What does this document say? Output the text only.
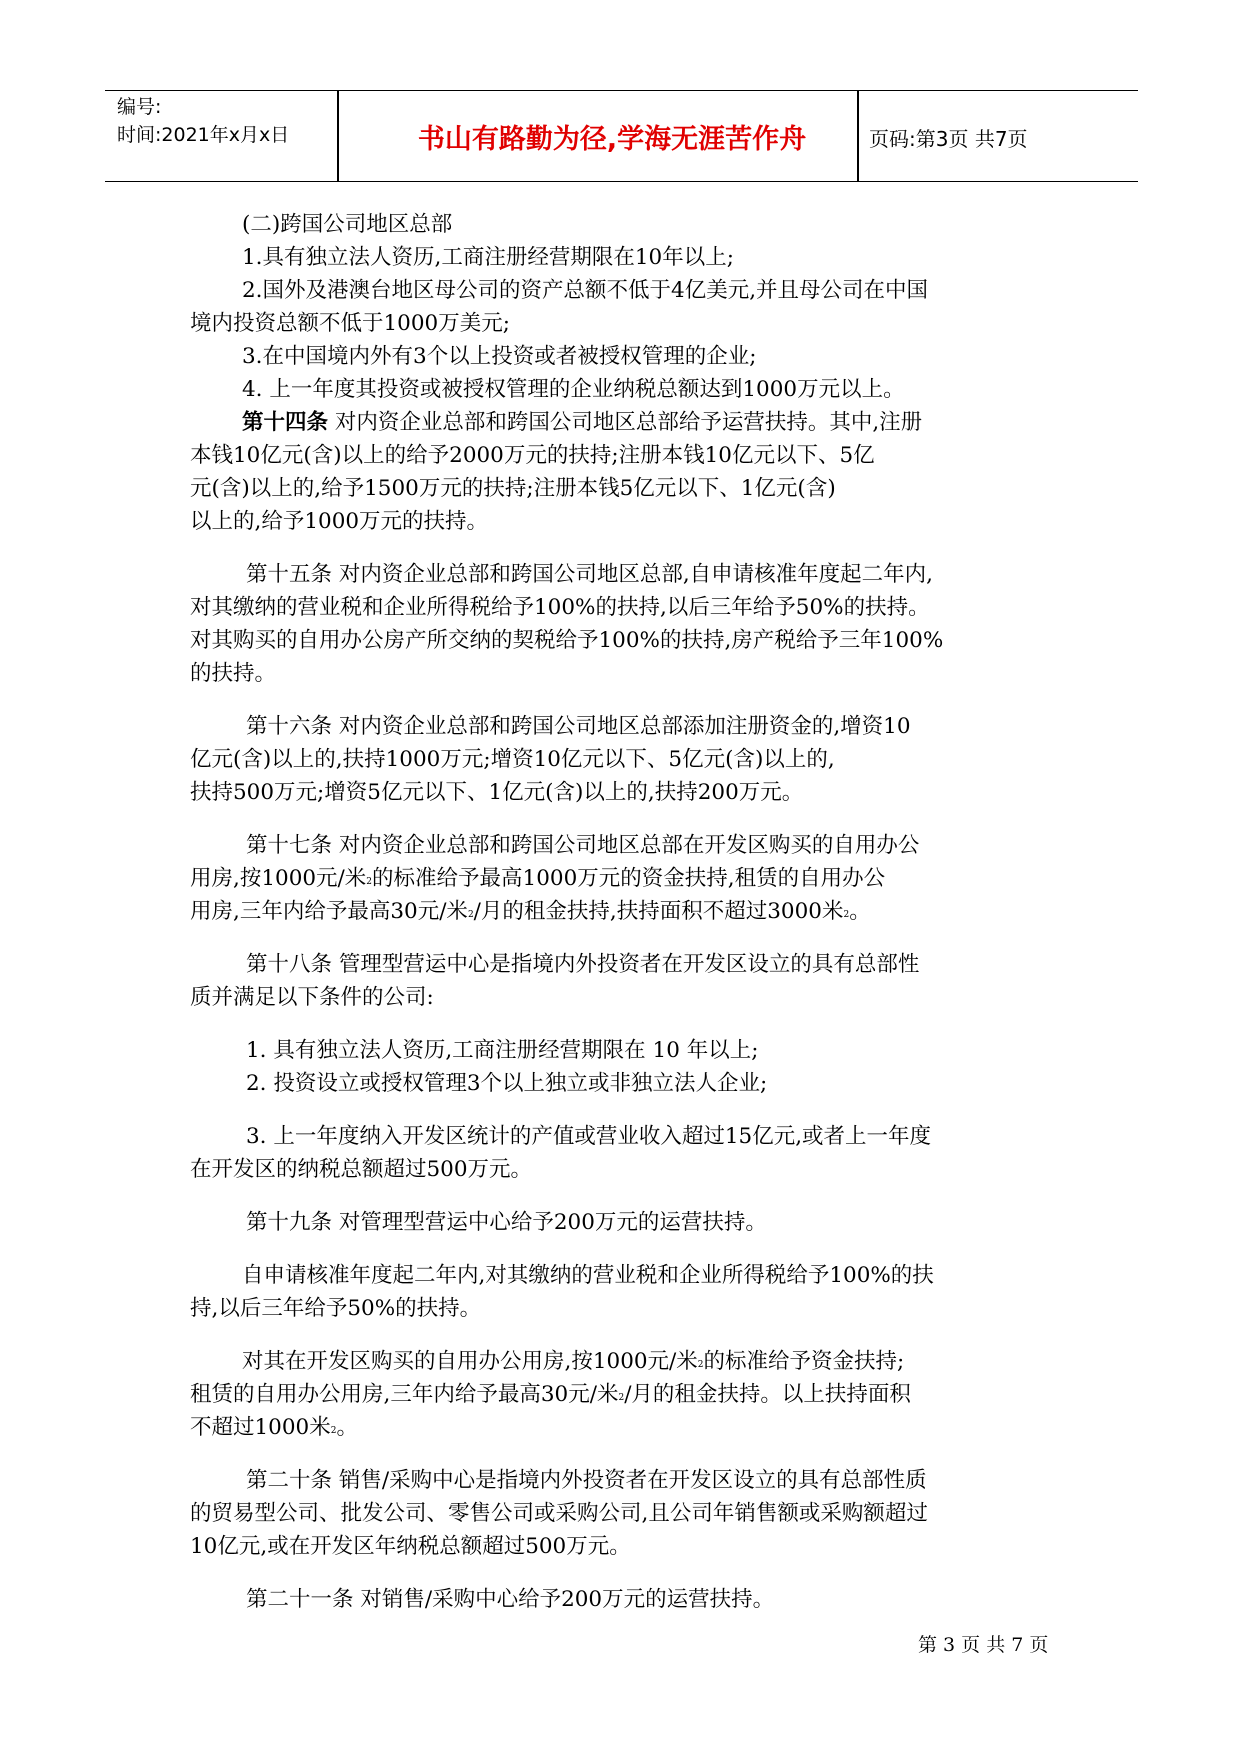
编号:
时间:2021年x月x日	书山有路勤为径,学海无涯苦作舟	页码:第3页 共7页

(二)跨国公司地区总部

1.具有独立法人资历,工商注册经营期限在10年以上;

2.国外及港澳台地区母公司的资产总额不低于4亿美元,并且母公司在中国

境内投资总额不低于1000万美元;

3.在中国境内外有3个以上投资或者被授权管理的企业;

4. 上一年度其投资或被授权管理的企业纳税总额达到1000万元以上。

第十四条 对内资企业总部和跨国公司地区总部给予运营扶持。其中,注册

本钱10亿元(含)以上的给予2000万元的扶持;注册本钱10亿元以下、5亿

元(含)以上的,给予1500万元的扶持;注册本钱5亿元以下、1亿元(含)

以上的,给予1000万元的扶持。

第十五条 对内资企业总部和跨国公司地区总部,自申请核准年度起二年内,

对其缴纳的营业税和企业所得税给予100%的扶持,以后三年给予50%的扶持。

对其购买的自用办公房产所交纳的契税给予100%的扶持,房产税给予三年100%

的扶持。

第十六条 对内资企业总部和跨国公司地区总部添加注册资金的,增资10

亿元(含)以上的,扶持1000万元;增资10亿元以下、5亿元(含)以上的,

扶持500万元;增资5亿元以下、1亿元(含)以上的,扶持200万元。

第十七条 对内资企业总部和跨国公司地区总部在开发区购买的自用办公

用房,按1000元/米$^2$的标准给予最高1000万元的资金扶持,租赁的自用办公

用房,三年内给予最高30元/米$^2$/月的租金扶持,扶持面积不超过3000米$^2$。

第十八条 管理型营运中心是指境内外投资者在开发区设立的具有总部性

质并满足以下条件的公司:

1. 具有独立法人资历,工商注册经营期限在 10 年以上;

2. 投资设立或授权管理3个以上独立或非独立法人企业;

3. 上一年度纳入开发区统计的产值或营业收入超过15亿元,或者上一年度

在开发区的纳税总额超过500万元。

第十九条 对管理型营运中心给予200万元的运营扶持。

自申请核准年度起二年内,对其缴纳的营业税和企业所得税给予100%的扶

持,以后三年给予50%的扶持。

对其在开发区购买的自用办公用房,按1000元/米$^2$的标准给予资金扶持;

租赁的自用办公用房,三年内给予最高30元/米$^2$/月的租金扶持。以上扶持面积

不超过1000米$^2$。

第二十条 销售/采购中心是指境内外投资者在开发区设立的具有总部性质

的贸易型公司、批发公司、零售公司或采购公司,且公司年销售额或采购额超过

10亿元,或在开发区年纳税总额超过500万元。

第二十一条 对销售/采购中心给予200万元的运营扶持。

第 3 页 共 7 页
